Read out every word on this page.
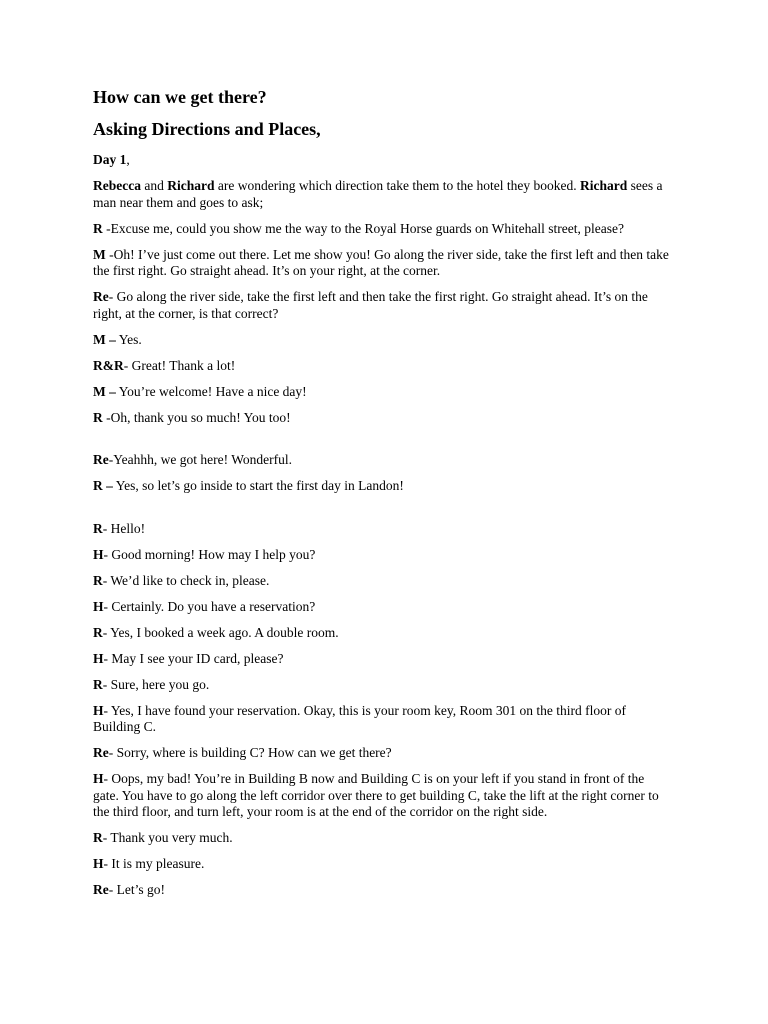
How can we get there?
Asking Directions and Places,

Day 1,

Rebecca and Richard are wondering which direction take them to the hotel they booked. Richard sees a man near them and goes to ask;

R -Excuse me, could you show me the way to the Royal Horse guards on Whitehall street, please?

M -Oh! I’ve just come out there. Let me show you! Go along the river side, take the first left and then take the first right. Go straight ahead. It’s on your right, at the corner.

Re- Go along the river side, take the first left and then take the first right. Go straight ahead. It’s on the right, at the corner, is that correct?

M – Yes.

R&R- Great! Thank a lot!

M – You’re welcome! Have a nice day!

R -Oh, thank you so much! You too!

Re-Yeahhh, we got here! Wonderful.

R – Yes, so let’s go inside to start the first day in Landon!

R- Hello!

H- Good morning! How may I help you?

R- We’d like to check in, please.

H- Certainly. Do you have a reservation?

R- Yes, I booked a week ago. A double room.

H- May I see your ID card, please?

R- Sure, here you go.

H- Yes, I have found your reservation. Okay, this is your room key, Room 301 on the third floor of Building C.

Re- Sorry, where is building C? How can we get there?

H- Oops, my bad! You’re in Building B now and Building C is on your left if you stand in front of the gate. You have to go along the left corridor over there to get building C, take the lift at the right corner to the third floor, and turn left, your room is at the end of the corridor on the right side.

R- Thank you very much.

H- It is my pleasure.

Re- Let’s go!
